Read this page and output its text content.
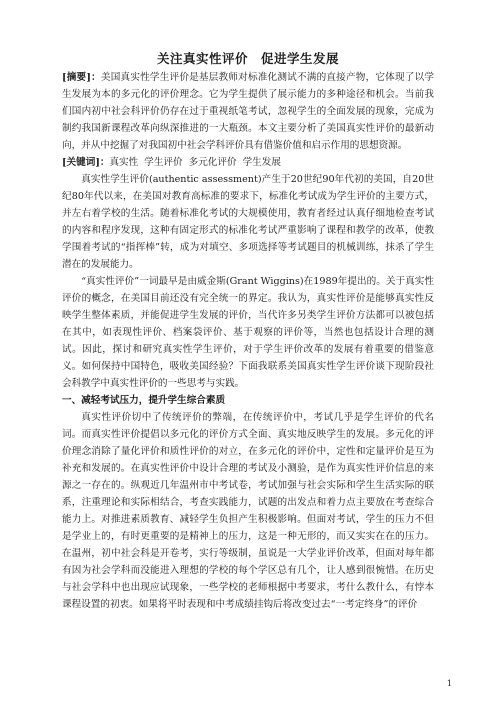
关注真实性评价　促进学生发展

[摘要]：美国真实性学生评价是基层教师对标准化测试不满的直接产物，它体现了以学生发展为本的多元化的评价理念。它为学生提供了展示能力的多种途径和机会。当前我们国内初中社会科评价仍存在过于重视纸笔考试，忽视学生的全面发展的现象，完成为制约我国新课程改革向纵深推进的一大瓶颈。本文主要分析了美国真实性评价的最新动向，并从中挖掘了对我国初中社会学科评价具有借鉴价值和启示作用的思想资源。

[关键词]：真实性 学生评价 多元化评价 学生发展

真实性学生评价(authentic assessment)产生于20世纪90年代初的美国，自20世纪80年代以来，在美国对教育高标准的要求下，标准化考试成为学生评价的主要方式，并左右着学校的生活。随着标准化考试的大规模使用，教育者经过认真仔细地检查考试的内容和程序发现，这种有固定形式的标准化考试严重影响了课程和教学的改革，使教学围着考试的“指挥棒”转，成为对填空、多项选择等考试题目的机械训练，抹杀了学生潜在的发展能力。

“真实性评价”一词最早是由威金斯(Grant Wiggins)在1989年提出的。关于真实性评价的概念，在美国目前还没有完全统一的界定。我认为，真实性评价是能够真实性反映学生整体素质，并能促进学生发展的评价，当代许多另类学生评价方法都可以被包括在其中，如表现性评价、档案袋评价、基于观察的评价等，当然也包括设计合理的测试。因此，探讨和研究真实性学生评价，对于学生评价改革的发展有着重要的借鉴意义。如何保持中国特色，吸收美国经验？下面我联系美国真实性学生评价谈下现阶段社会科教学中真实性评价的一些思考与实践。

一、减轻考试压力，提升学生综合素质

真实性评价切中了传统评价的弊端，在传统评价中，考试几乎是学生评价的代名词。而真实性评价提倡以多元化的评价方式全面、真实地反映学生的发展。多元化的评价理念消除了量化评价和质性评价的对立，在多元化的评价中，定性和定量评价是互为补充和发展的。在真实性评价中设计合理的考试及小测验，是作为真实性评价信息的来源之一存在的。纵观近几年温州市中考试卷，考试加强与社会实际和学生生活实际的联系，注重理论和实际相结合，考查实践能力，试题的出发点和着力点主要放在考查综合能力上。对推进素质教育、减轻学生负担产生积极影响。但面对考试，学生的压力不但是学业上的，有时更重要的是精神上的压力，这是一种无形的，而又实实在在的压力。在温州，初中社会科是开卷考，实行等级制，虽说是一大学业评价改革，但面对每年都有因为社会学科而没能进入理想的学校的每个学区总有几个，让人感到很惋惜。在历史与社会学科中也出现应试现象，一些学校的老师根据中考要求，考什么教什么，有悖本课程设置的初衷。如果将平时表现和中考成绩挂钩后将改变过去“一考定终身”的评价

1
